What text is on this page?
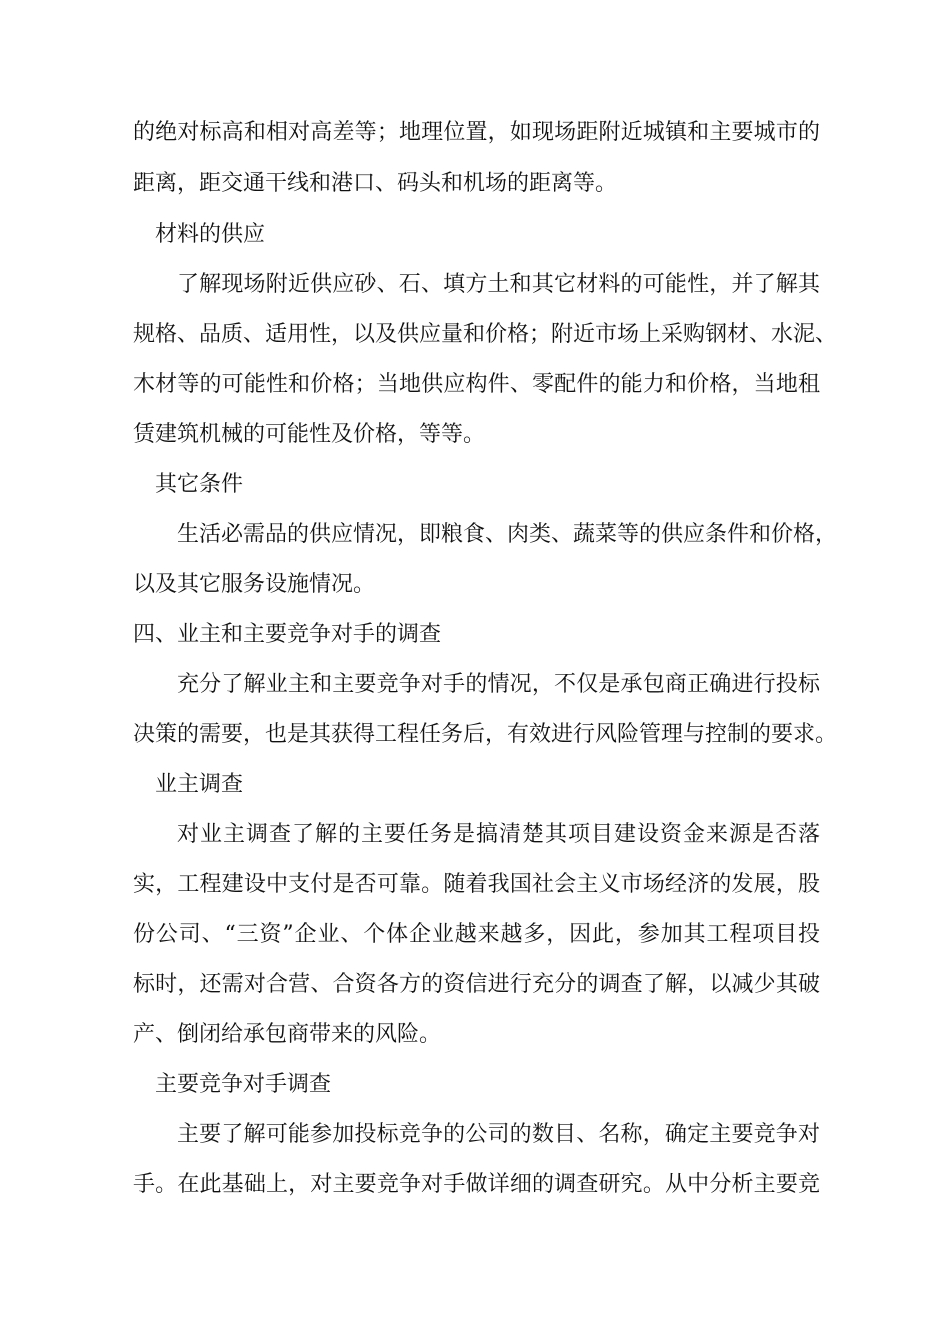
的绝对标高和相对高差等；地理位置，如现场距附近城镇和主要城市的
距离，距交通干线和港口、码头和机场的距离等。
材料的供应
了解现场附近供应砂、石、填方土和其它材料的可能性，并了解其
规格、品质、适用性，以及供应量和价格；附近市场上采购钢材、水泥、
木材等的可能性和价格；当地供应构件、零配件的能力和价格，当地租
赁建筑机械的可能性及价格，等等。
其它条件
生活必需品的供应情况，即粮食、肉类、蔬菜等的供应条件和价格，
以及其它服务设施情况。
四、业主和主要竞争对手的调查
充分了解业主和主要竞争对手的情况，不仅是承包商正确进行投标
决策的需要，也是其获得工程任务后，有效进行风险管理与控制的要求。
业主调查
对业主调查了解的主要任务是搞清楚其项目建设资金来源是否落
实，工程建设中支付是否可靠。随着我国社会主义市场经济的发展，股
份公司、“三资”企业、个体企业越来越多，因此，参加其工程项目投
标时，还需对合营、合资各方的资信进行充分的调查了解，以减少其破
产、倒闭给承包商带来的风险。
主要竞争对手调查
主要了解可能参加投标竞争的公司的数目、名称，确定主要竞争对
手。在此基础上，对主要竞争对手做详细的调查研究。从中分析主要竞
